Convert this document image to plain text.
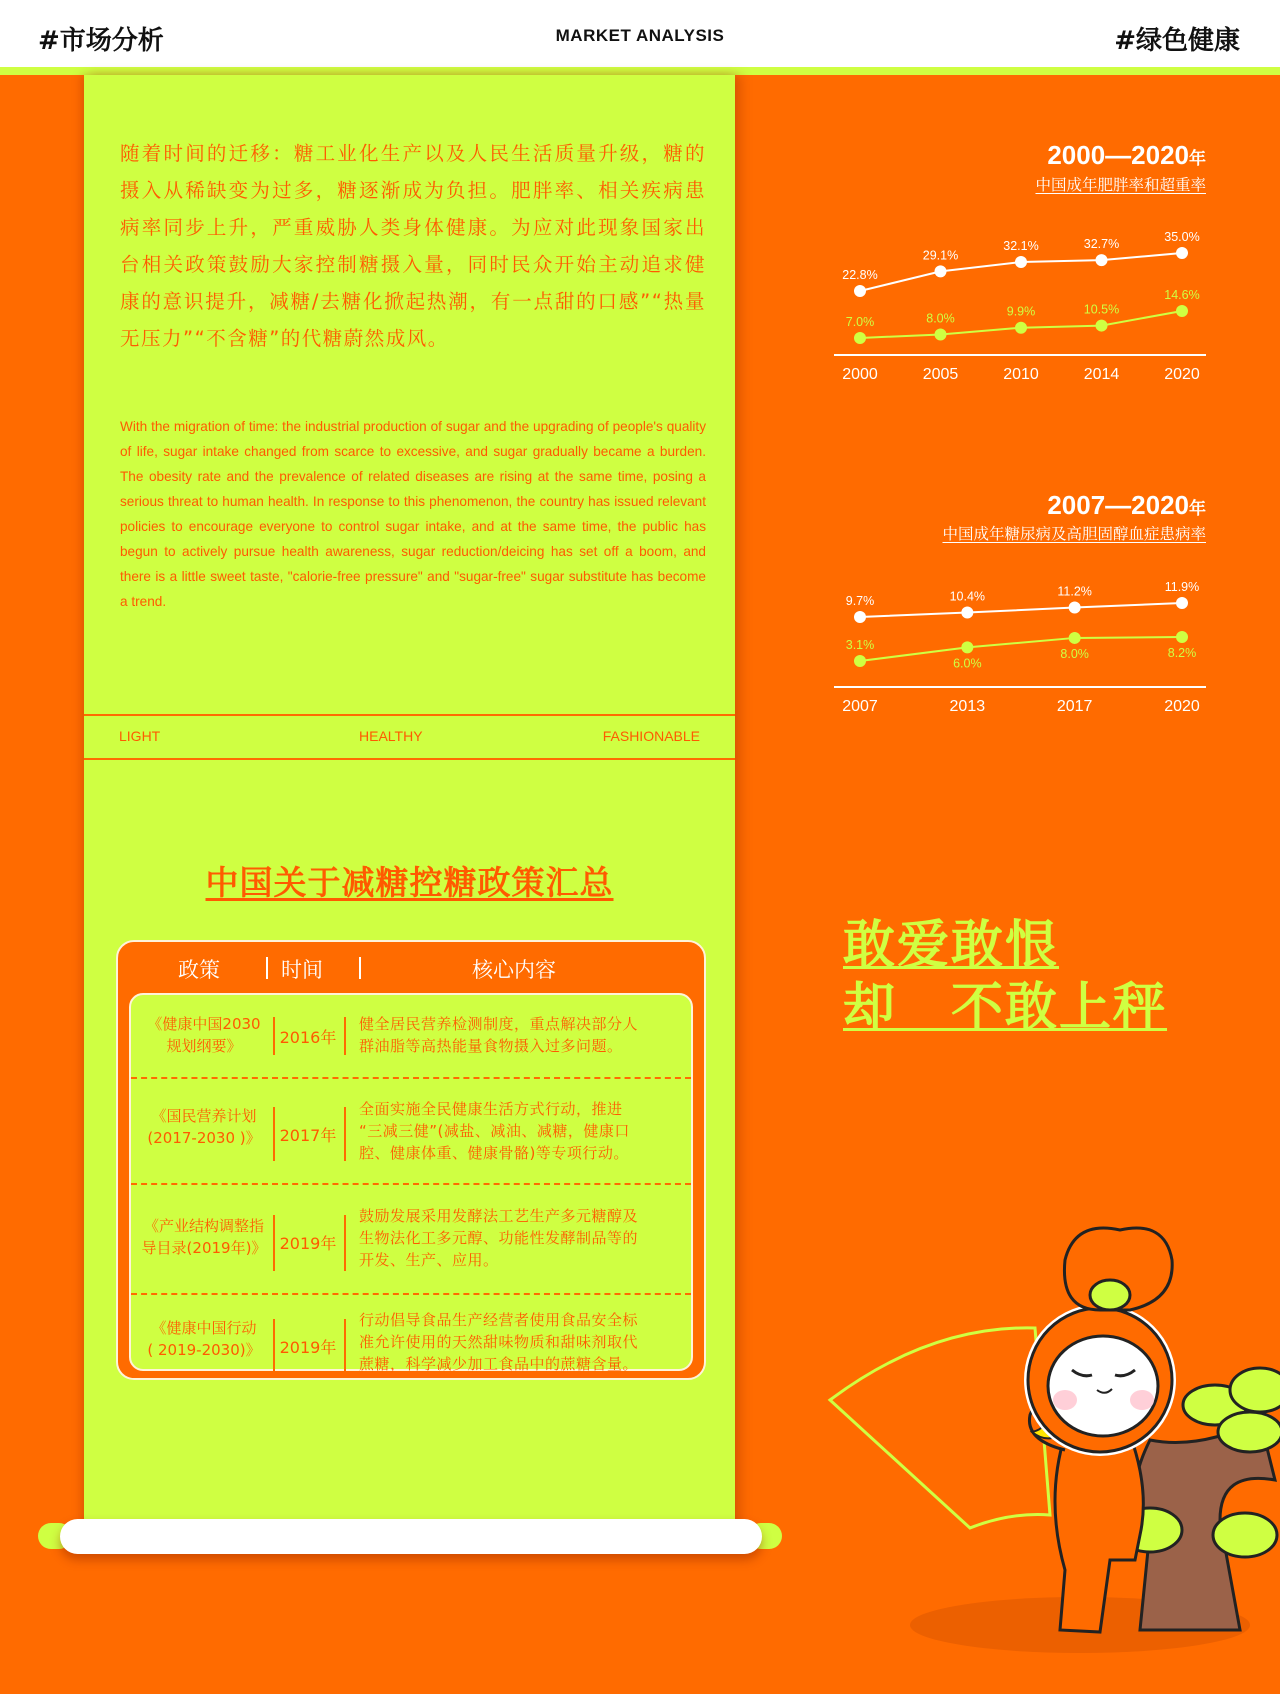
#市场分析	MARKET ANALYSIS	#绿色健康

随着时间的迁移：糖工业化生产以及人民生活质量升级，糖的摄入从稀缺变为过多，糖逐渐成为负担。肥胖率、相关疾病患病率同步上升，严重威胁人类身体健康。为应对此现象国家出台相关政策鼓励大家控制糖摄入量，同时民众开始主动追求健康的意识提升，减糖/去糖化掀起热潮，有一点甜的口感”“热量无压力”“不含糖”的代糖蔚然成风。

With the migration of time: the industrial production of sugar and the upgrading of people's quality of life, sugar intake changed from scarce to excessive, and sugar gradually became a burden. The obesity rate and the prevalence of related diseases are rising at the same time, posing a serious threat to human health. In response to this phenomenon, the country has issued relevant policies to encourage everyone to control sugar intake, and at the same time, the public has begun to actively pursue health awareness, sugar reduction/deicing has set off a boom, and there is a little sweet taste, "calorie-free pressure" and "sugar-free" sugar substitute has become a trend.

LIGHT	HEALTHY	FASHIONABLE
中国关于减糖控糖政策汇总
政策	时间	核心内容
《健康中国2030
规划纲要》	2016年
健全居民营养检测制度，重点解决部分人
群油脂等高热能量食物摄入过多问题。
《国民营养计划
(2017-2030 )》	2017年
全面实施全民健康生活方式行动，推进
“三减三健”(减盐、减油、减糖，健康口
腔、健康体重、健康骨骼)等专项行动。
《产业结构调整指
导目录(2019年)》 2019年
鼓励发展采用发酵法工艺生产多元糖醇及
生物法化工多元醇、功能性发酵制品等的
开发、生产、应用。
《健康中国行动
( 2019-2030)》	2019年
行动倡导食品生产经营者使用食品安全标
准允许使用的天然甜味物质和甜味剂取代
蔗糖，科学减少加工食品中的蔗糖含量。
2000—2020年
中国成年肥胖率和超重率
2000	2005	2010	2014	2020
22.8%
29.1%
32.1%	32.7%
35.0%
7.0%	8.0%	9.9%	10.5%
14.6%
2007—2020年
中国成年糖尿病及高胆固醇血症患病率
2007	2013	2017	2020
9.7%	10.4%	11.2%	11.9%
3.1%
6.0%
8.0%	8.2%
敢爱敢恨
却　不敢上秤
